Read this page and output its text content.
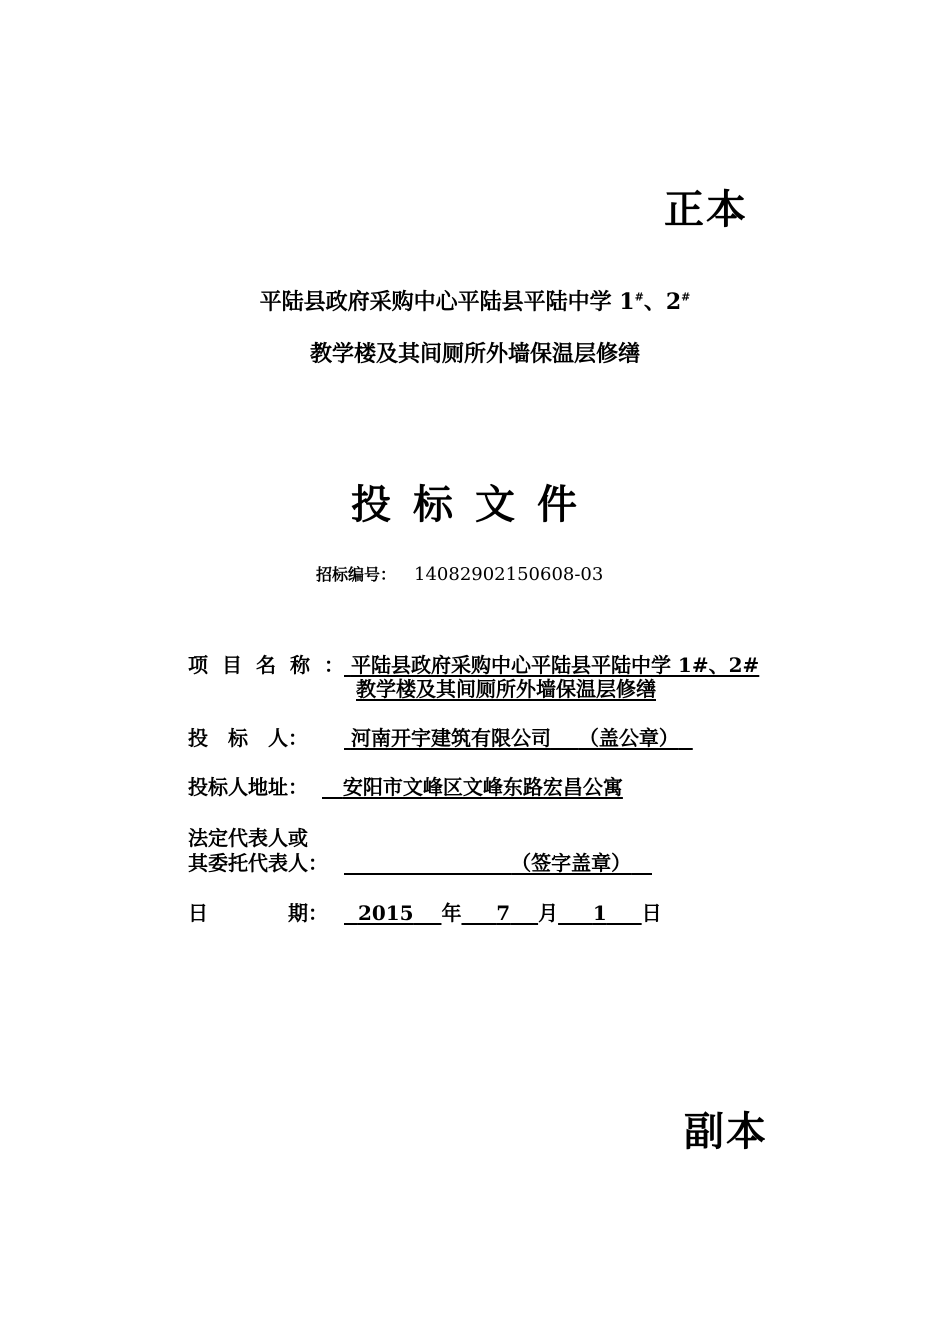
正本
平陆县政府采购中心平陆县平陆中学 1#、2#
教学楼及其间厕所外墙保温层修缮
投标文件
招标编号： 14082902150608-03
项目名称：
平陆县政府采购中心平陆县平陆中学 1#、2#
教学楼及其间厕所外墙保温层修缮
投　标　人：	河南开宇建筑有限公司 （盖公章）
投标人地址：	安阳市文峰区文峰东路宏昌公寓
法定代表人或
其委托代表人：	（签字盖章）
日　　　　期：	2015 年 7 月 1 日
副本
